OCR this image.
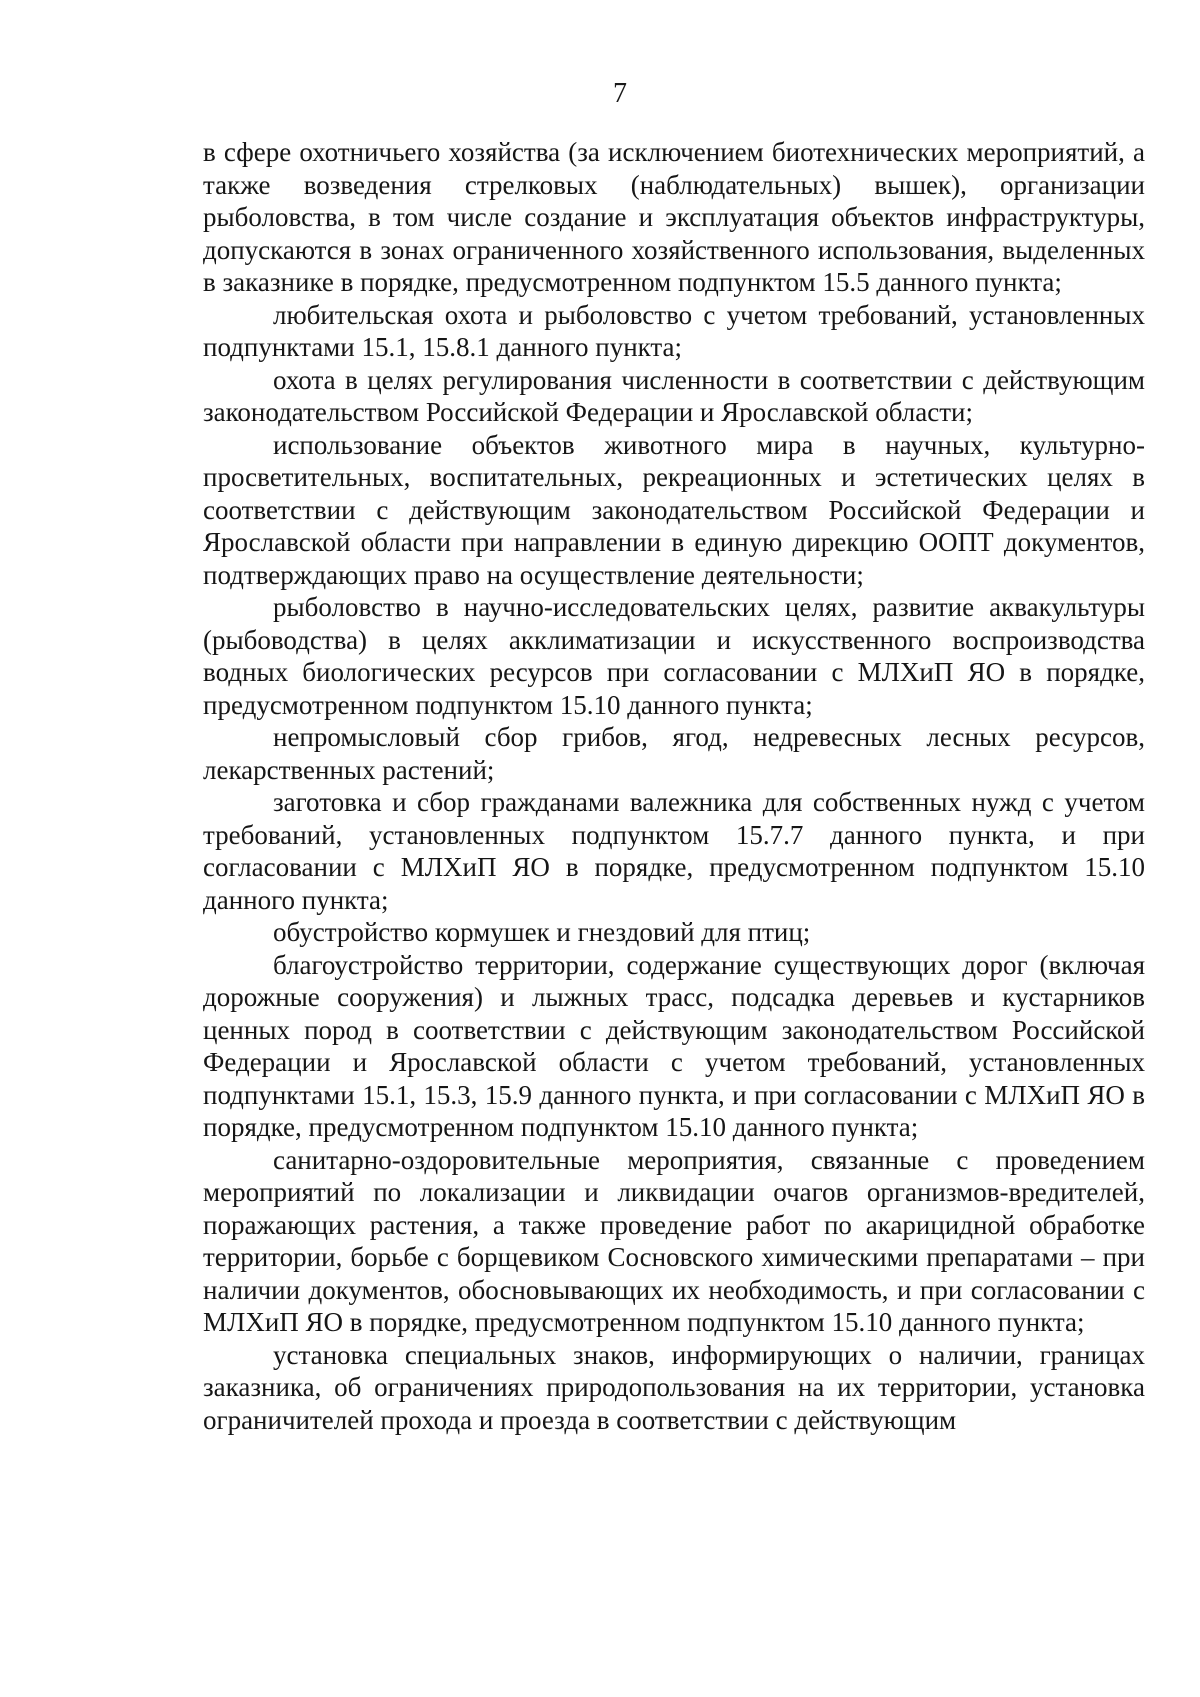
7

в сфере охотничьего хозяйства (за исключением биотехнических мероприятий, а также возведения стрелковых (наблюдательных) вышек), организации рыболовства, в том числе создание и эксплуатация объектов инфраструктуры, допускаются в зонах ограниченного хозяйственного использования, выделенных в заказнике в порядке, предусмотренном подпунктом 15.5 данного пункта;

любительская охота и рыболовство с учетом требований, установленных подпунктами 15.1, 15.8.1 данного пункта;

охота в целях регулирования численности в соответствии с действующим законодательством Российской Федерации и Ярославской области;

использование объектов животного мира в научных, культурно-просветительных, воспитательных, рекреационных и эстетических целях в соответствии с действующим законодательством Российской Федерации и Ярославской области при направлении в единую дирекцию ООПТ документов, подтверждающих право на осуществление деятельности;

рыболовство в научно-исследовательских целях, развитие аквакультуры (рыбоводства) в целях акклиматизации и искусственного воспроизводства водных биологических ресурсов при согласовании с МЛХиП ЯО в порядке, предусмотренном подпунктом 15.10 данного пункта;

непромысловый сбор грибов, ягод, недревесных лесных ресурсов, лекарственных растений;

заготовка и сбор гражданами валежника для собственных нужд с учетом требований, установленных подпунктом 15.7.7 данного пункта, и при согласовании с МЛХиП ЯО в порядке, предусмотренном подпунктом 15.10 данного пункта;

обустройство кормушек и гнездовий для птиц;

благоустройство территории, содержание существующих дорог (включая дорожные сооружения) и лыжных трасс, подсадка деревьев и кустарников ценных пород в соответствии с действующим законодательством Российской Федерации и Ярославской области с учетом требований, установленных подпунктами 15.1, 15.3, 15.9 данного пункта, и при согласовании с МЛХиП ЯО в порядке, предусмотренном подпунктом 15.10 данного пункта;

санитарно-оздоровительные мероприятия, связанные с проведением мероприятий по локализации и ликвидации очагов организмов-вредителей, поражающих растения, а также проведение работ по акарицидной обработке территории, борьбе с борщевиком Сосновского химическими препаратами – при наличии документов, обосновывающих их необходимость, и при согласовании с МЛХиП ЯО в порядке, предусмотренном подпунктом 15.10 данного пункта;

установка специальных знаков, информирующих о наличии, границах заказника, об ограничениях природопользования на их территории, установка ограничителей прохода и проезда в соответствии с действующим
